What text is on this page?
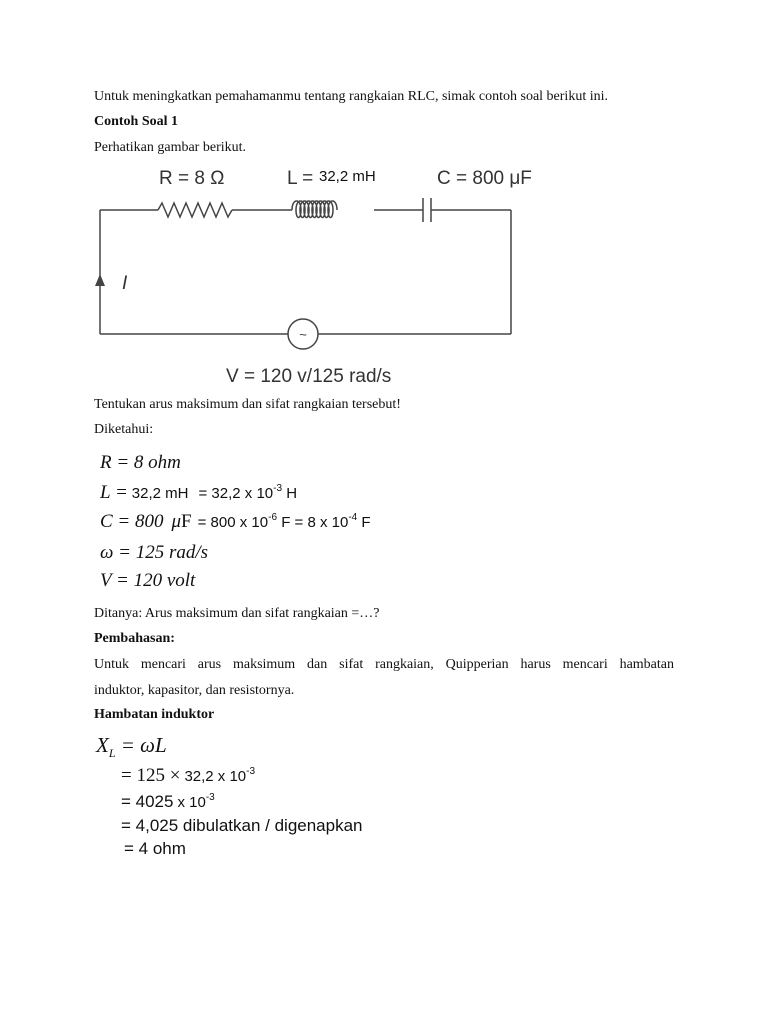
Untuk meningkatkan pemahamanmu tentang rangkaian RLC, simak contoh soal berikut ini.
Contoh Soal 1
Perhatikan gambar berikut.
R = 8 Ω	L = 32,2 mH	C = 800 μF
I
~
V = 120 v/125 rad/s
Tentukan arus maksimum dan sifat rangkaian tersebut!
Diketahui:
R = 8 ohm
L = 32,2 mH = 32,2 x $10^{-3}$ H
C = 800 μF = 800 x $10^{-6}$ F = 8 x $10^{-4}$ F
ω = 125 rad/s
V = 120 volt
Ditanya: Arus maksimum dan sifat rangkaian =…?
Pembahasan:
Untuk mencari arus maksimum dan sifat rangkaian, Quipperian harus mencari hambatan
induktor, kapasitor, dan resistornya.
Hambatan induktor
$X_L = \omega L$
= 125 × 32,2 x $10^{-3}$
= 4025 x $10^{-3}$
= 4,025 dibulatkan / digenapkan
= 4 ohm
